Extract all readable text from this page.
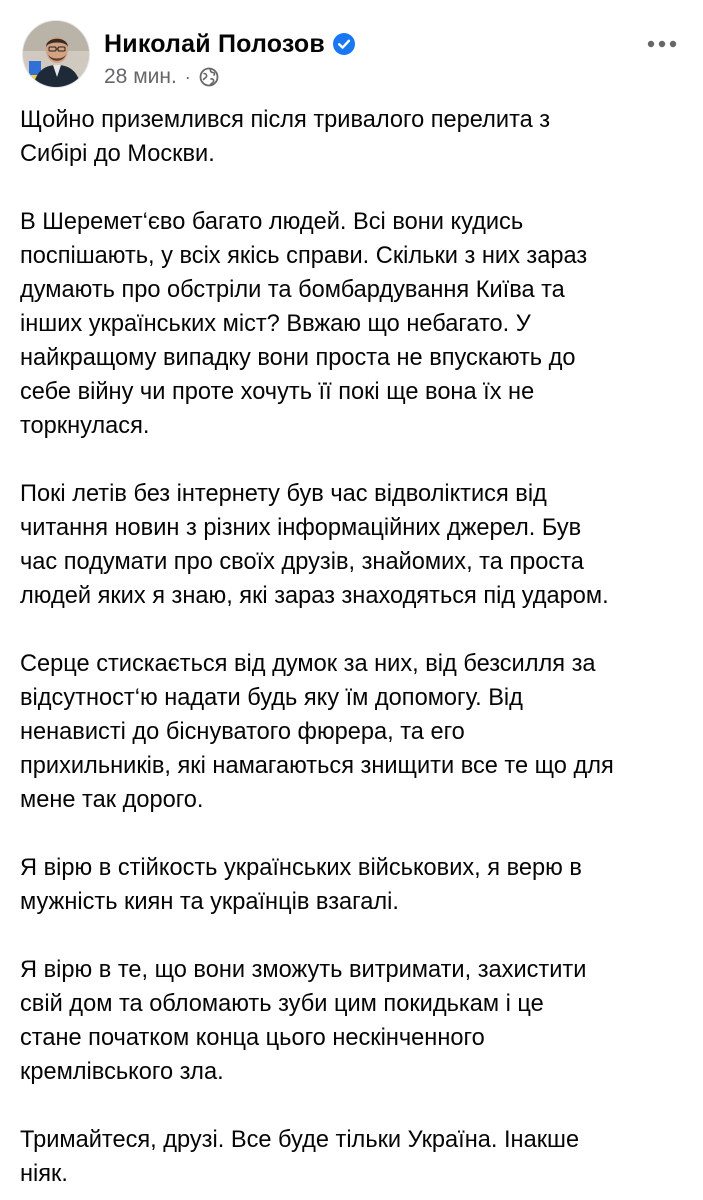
Николай Полозов
28 мин. ·

Щойно приземлився після тривалого перелита з
Сибірі до Москви.

В Шеремет‘єво багато людей. Всі вони кудись
поспішають, у всіх якісь справи. Скільки з них зараз
думають про обстріли та бомбардування Київа та
інших українських міст? Ввжаю що небагато. У
найкращому випадку вони проста не впускають до
себе війну чи проте хочуть її покі ще вона їх не
торкнулася.

Покі летів без інтернету був час відволіктися від
читання новин з різних інформаційних джерел. Був
час подумати про своїх друзів, знайомих, та проста
людей яких я знаю, які зараз знаходяться під ударом.

Серце стискається від думок за них, від безсилля за
відсутност‘ю надати будь яку їм допомогу. Від
ненависті до біснуватого фюрера, та его
прихильників, які намагаються знищити все те що для
мене так дорого.

Я вірю в стійкость українських військових, я верю в
мужність киян та українців взагалі.

Я вірю в те, що вони зможуть витримати, захистити
свій дом та обломають зуби цим покидькам і це
стане початком конца цього нескінченного
кремлівського зла.

Тримайтеся, друзі. Все буде тільки Україна. Інакше
ніяк.
